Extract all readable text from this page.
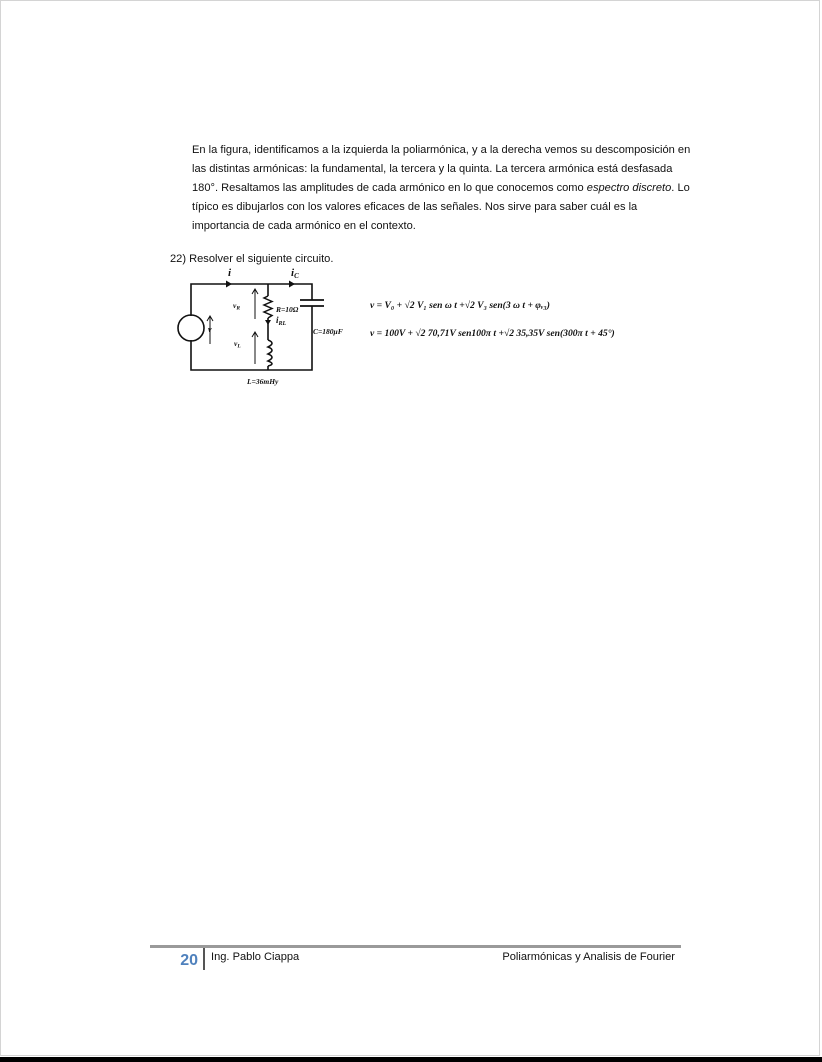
En la figura, identificamos a la izquierda la poliarmónica, y a la derecha vemos su descomposición en las distintas armónicas: la fundamental, la tercera y la quinta. La tercera armónica está desfasada 180°. Resaltamos las amplitudes de cada armónico en lo que conocemos como espectro discreto. Lo típico es dibujarlos con los valores eficaces de las señales. Nos sirve para saber cuál es la importancia de cada armónico en el contexto.

22) Resolver el siguiente circuito.

i	iC
v
R=10Ω
$v_R$
$i_{RL}$
$v_L$
C=180μF
L=36mHy
v = V₀ + √2 V₁ sen ω t +√2 V₃ sen(3 ω t + φᵥ₃)
v = 100V + √2 70,71V sen100π t +√2 35,35V sen(300π t + 45°)
20 Ing. Pablo Ciappa	Poliarmónicas y Analisis de Fourier
